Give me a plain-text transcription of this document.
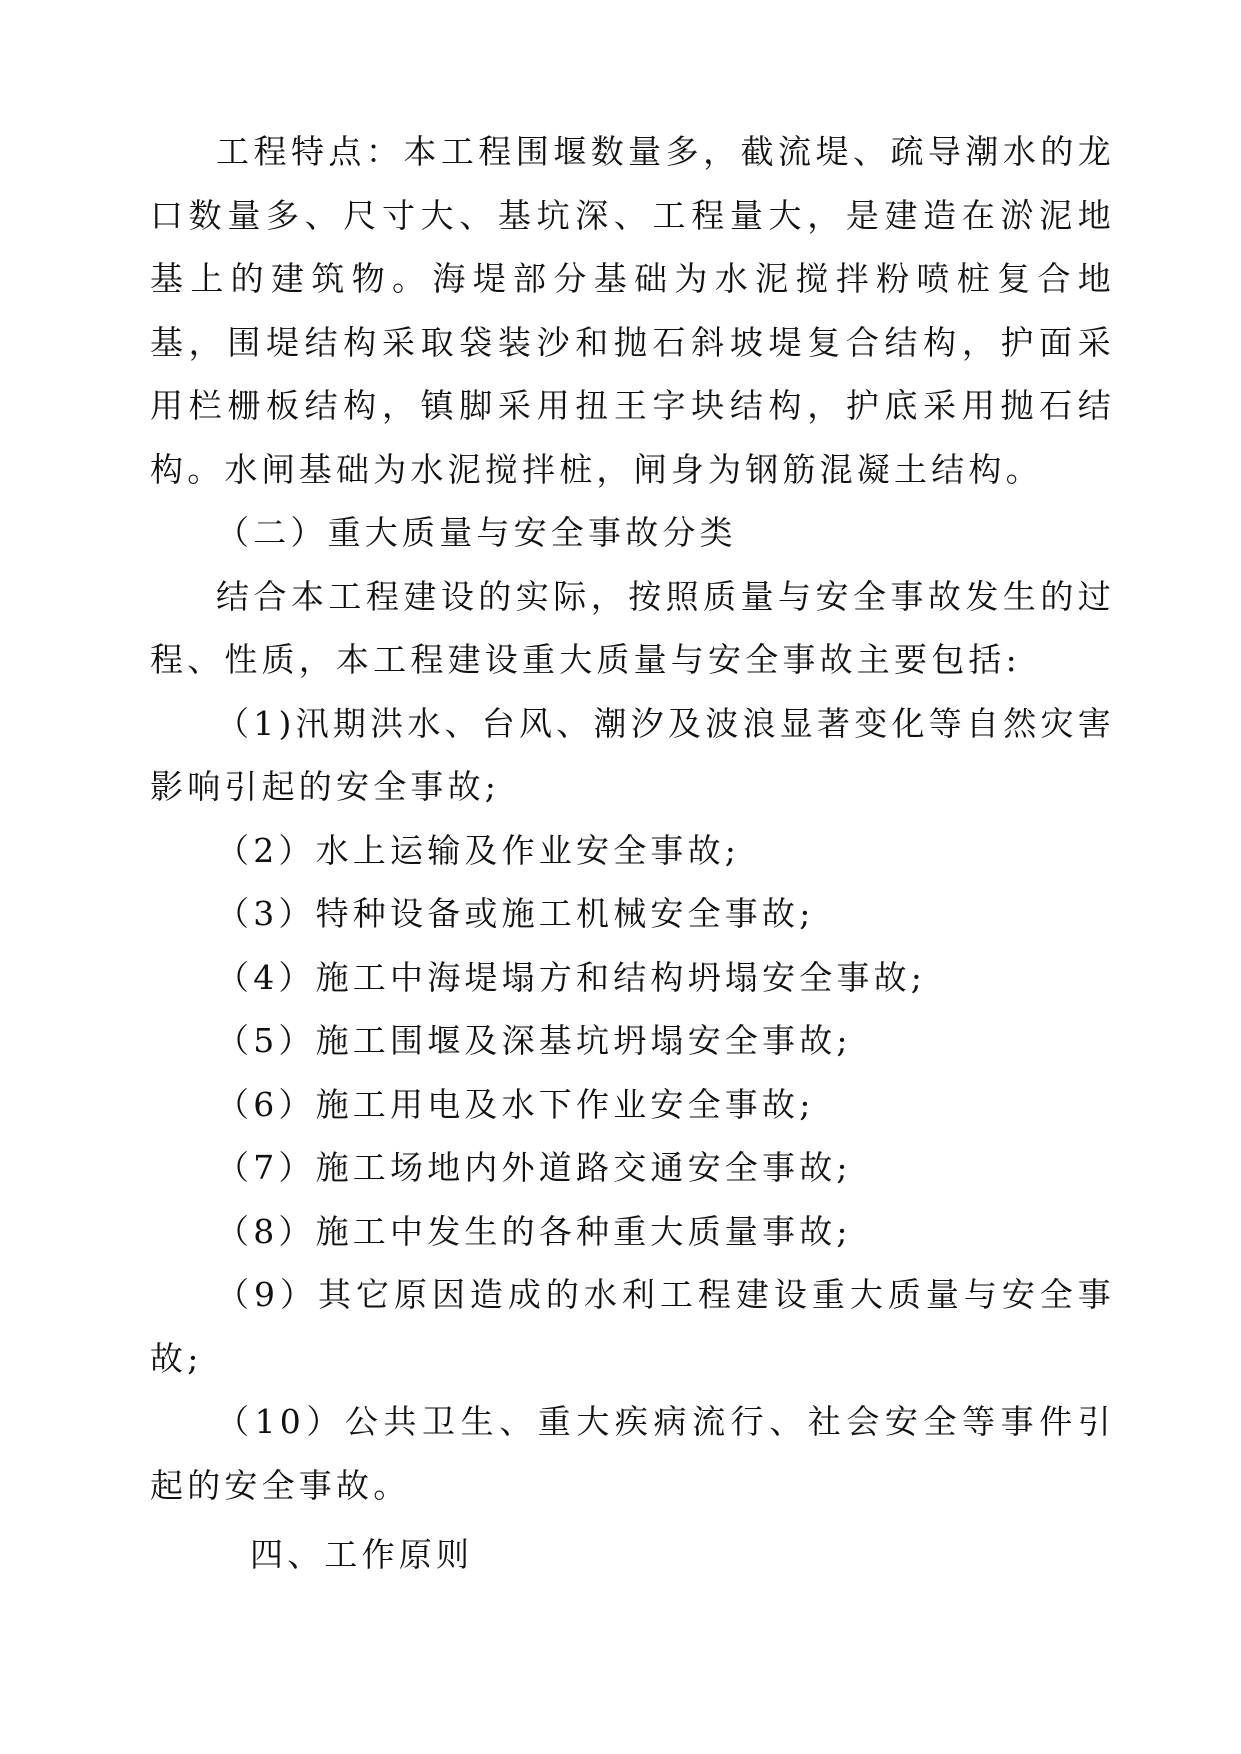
工程特点：本工程围堰数量多，截流堤、疏导潮水的龙口数量多、尺寸大、基坑深、工程量大，是建造在淤泥地基上的建筑物。海堤部分基础为水泥搅拌粉喷桩复合地基，围堤结构采取袋装沙和抛石斜坡堤复合结构，护面采用栏栅板结构，镇脚采用扭王字块结构，护底采用抛石结构。水闸基础为水泥搅拌桩，闸身为钢筋混凝土结构。

（二）重大质量与安全事故分类

结合本工程建设的实际，按照质量与安全事故发生的过程、性质，本工程建设重大质量与安全事故主要包括:

（1)汛期洪水、台风、潮汐及波浪显著变化等自然灾害影响引起的安全事故;

（2）水上运输及作业安全事故;

（3）特种设备或施工机械安全事故;

（4）施工中海堤塌方和结构坍塌安全事故;

（5）施工围堰及深基坑坍塌安全事故;

（6）施工用电及水下作业安全事故;

（7）施工场地内外道路交通安全事故;

（8）施工中发生的各种重大质量事故;

（9）其它原因造成的水利工程建设重大质量与安全事故;

（10）公共卫生、重大疾病流行、社会安全等事件引起的安全事故。

四、工作原则
